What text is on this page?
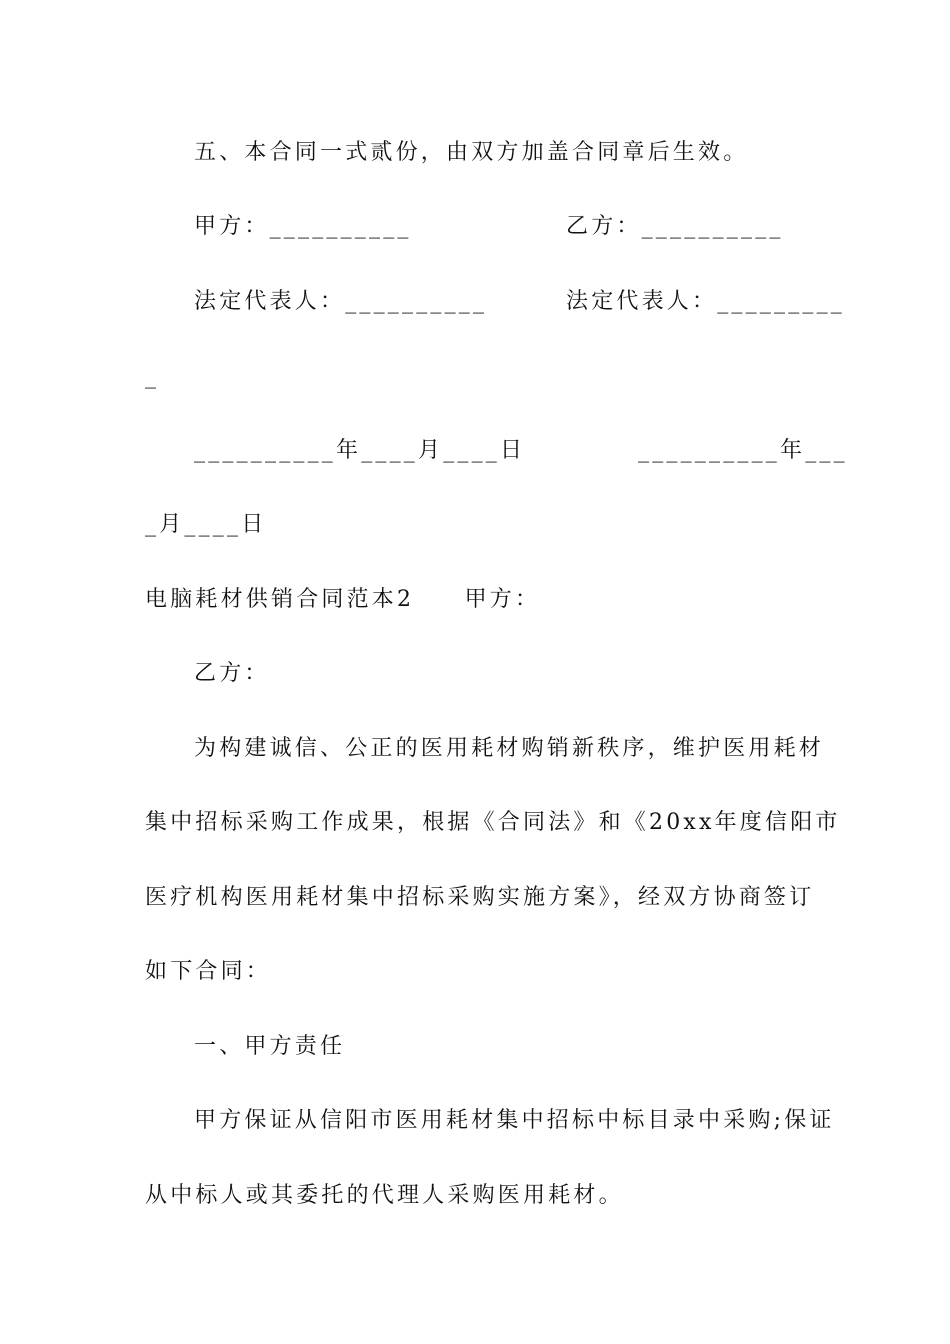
五、本合同一式贰份，由双方加盖合同章后生效。
甲方：__________	乙方：__________
法定代表人：__________	法定代表人：_________
_
__________年____月____日	__________年___
_月____日
电脑耗材供销合同范本2　　甲方：
乙方：
为构建诚信、公正的医用耗材购销新秩序，维护医用耗材
集中招标采购工作成果，根据《合同法》和《20xx年度信阳市
医疗机构医用耗材集中招标采购实施方案》，经双方协商签订
如下合同：
一、甲方责任
甲方保证从信阳市医用耗材集中招标中标目录中采购;保证
从中标人或其委托的代理人采购医用耗材。
